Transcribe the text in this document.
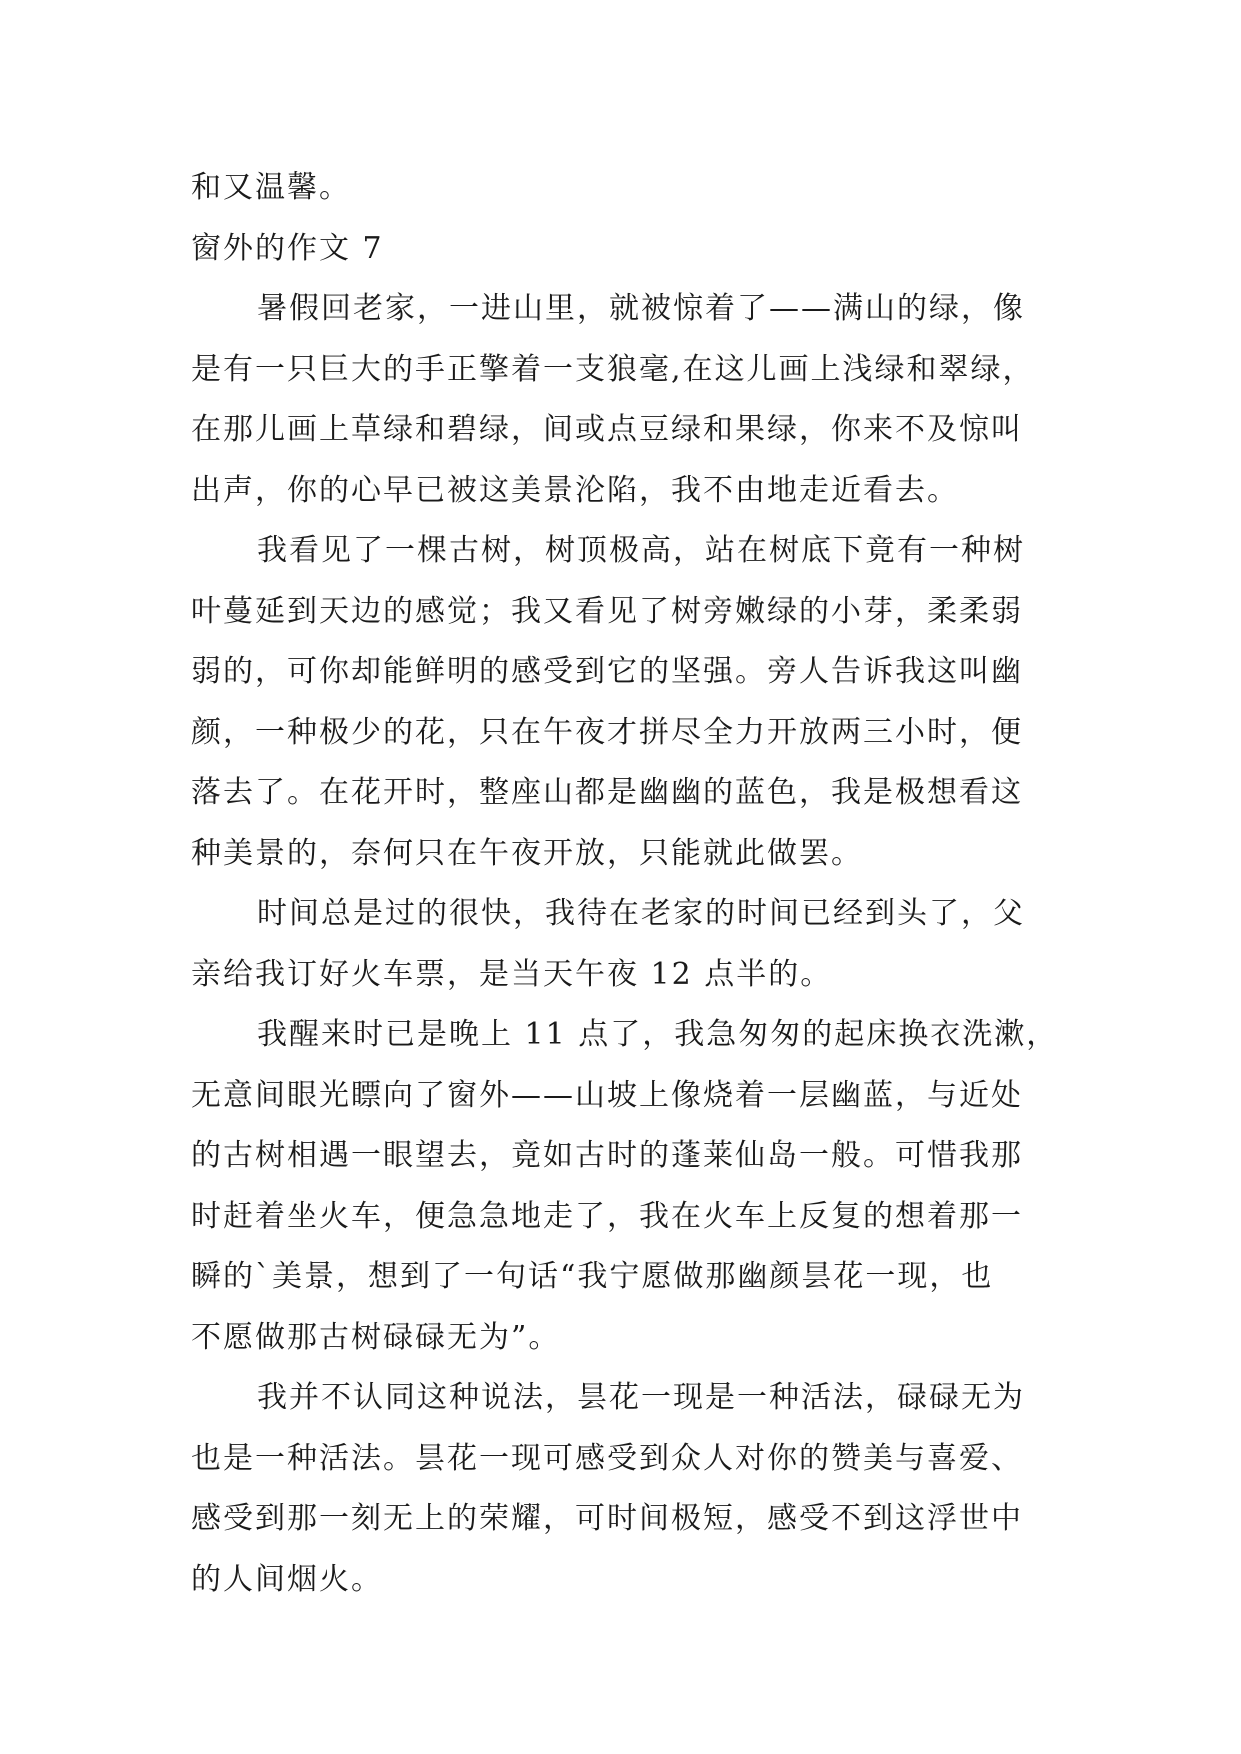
和又温馨。
窗外的作文 7
暑假回老家，一进山里，就被惊着了——满山的绿，像
是有一只巨大的手正擎着一支狼毫,在这儿画上浅绿和翠绿，
在那儿画上草绿和碧绿，间或点豆绿和果绿，你来不及惊叫
出声，你的心早已被这美景沦陷，我不由地走近看去。
我看见了一棵古树，树顶极高，站在树底下竟有一种树
叶蔓延到天边的感觉；我又看见了树旁嫩绿的小芽，柔柔弱
弱的，可你却能鲜明的感受到它的坚强。旁人告诉我这叫幽
颜，一种极少的花，只在午夜才拼尽全力开放两三小时，便
落去了。在花开时，整座山都是幽幽的蓝色，我是极想看这
种美景的，奈何只在午夜开放，只能就此做罢。
时间总是过的很快，我待在老家的时间已经到头了，父
亲给我订好火车票，是当天午夜 12 点半的。
我醒来时已是晚上 11 点了，我急匆匆的起床换衣洗漱，
无意间眼光瞟向了窗外——山坡上像烧着一层幽蓝，与近处
的古树相遇一眼望去，竟如古时的蓬莱仙岛一般。可惜我那
时赶着坐火车，便急急地走了，我在火车上反复的想着那一
瞬的`美景，想到了一句话“我宁愿做那幽颜昙花一现，也
不愿做那古树碌碌无为”。
我并不认同这种说法，昙花一现是一种活法，碌碌无为
也是一种活法。昙花一现可感受到众人对你的赞美与喜爱、
感受到那一刻无上的荣耀，可时间极短，感受不到这浮世中
的人间烟火。
